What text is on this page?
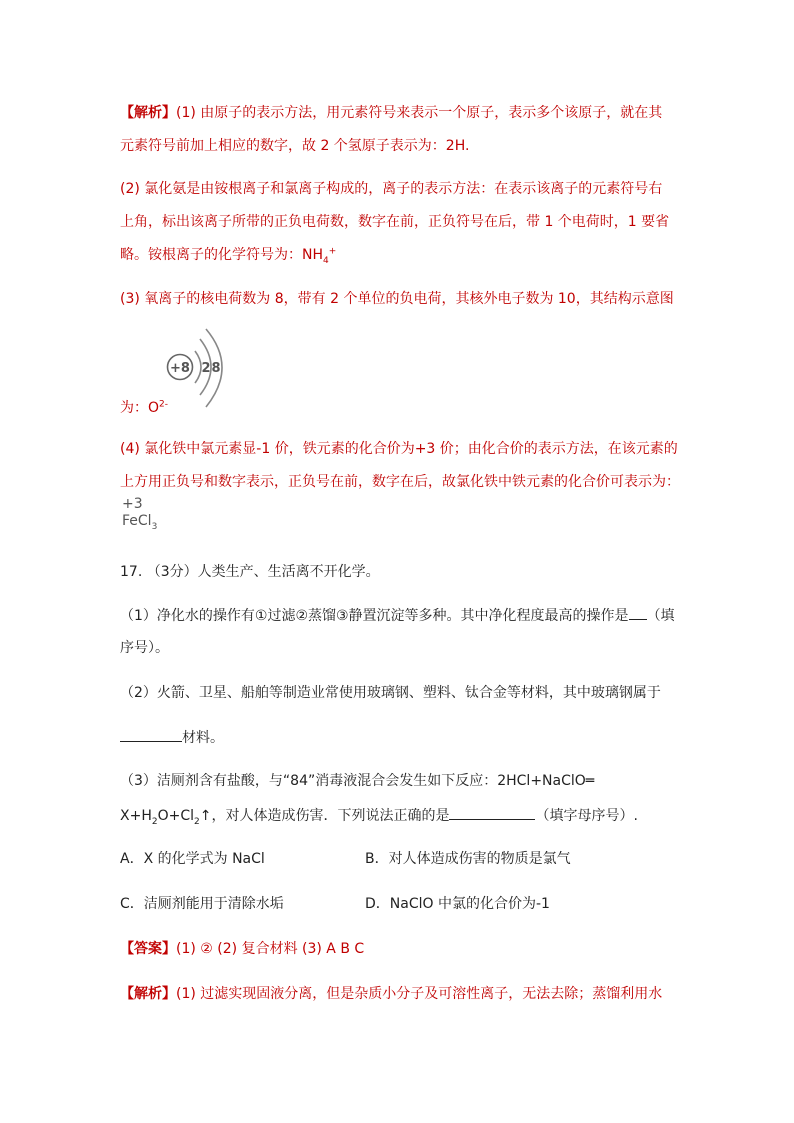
【解析】(1) 由原子的表示方法，用元素符号来表示一个原子，表示多个该原子，就在其
元素符号前加上相应的数字，故 2 个氢原子表示为：2H.
(2) 氯化氨是由铵根离子和氯离子构成的，离子的表示方法：在表示该离子的元素符号右
上角，标出该离子所带的正负电荷数，数字在前，正负符号在后，带 1 个电荷时，1 要省
略。铵根离子的化学符号为：$NH_4^+$
(3) 氧离子的核电荷数为 8，带有 2 个单位的负电荷，其核外电子数为 10，其结构示意图
+8 2 8
为：$O^{2-}$
(4) 氯化铁中氯元素显-1 价，铁元素的化合价为+3 价；由化合价的表示方法，在该元素的
上方用正负号和数字表示，正负号在前，数字在后，故氯化铁中铁元素的化合价可表示为：
+3
FeCl$_3$
17. （3分）人类生产、生活离不开化学。
（1）净化水的操作有①过滤②蒸馏③静置沉淀等多种。其中净化程度最高的操作是 （填
序号）。
（2）火箭、卫星、船舶等制造业常使用玻璃钢、塑料、钛合金等材料，其中玻璃钢属于
材料。
（3）洁厕剂含有盐酸，与“84”消毒液混合会发生如下反应：2HCl+NaClO═
$X+H_2O+Cl_2↑$，对人体造成伤害．下列说法正确的是	（填字母序号）.
A．X 的化学式为 NaCl	B．对人体造成伤害的物质是氯气
C．洁厕剂能用于清除水垢	D．NaClO 中氯的化合价为-1
【答案】(1) ② (2) 复合材料 (3) A B C
【解析】(1) 过滤实现固液分离，但是杂质小分子及可溶性离子，无法去除；蒸馏利用水
